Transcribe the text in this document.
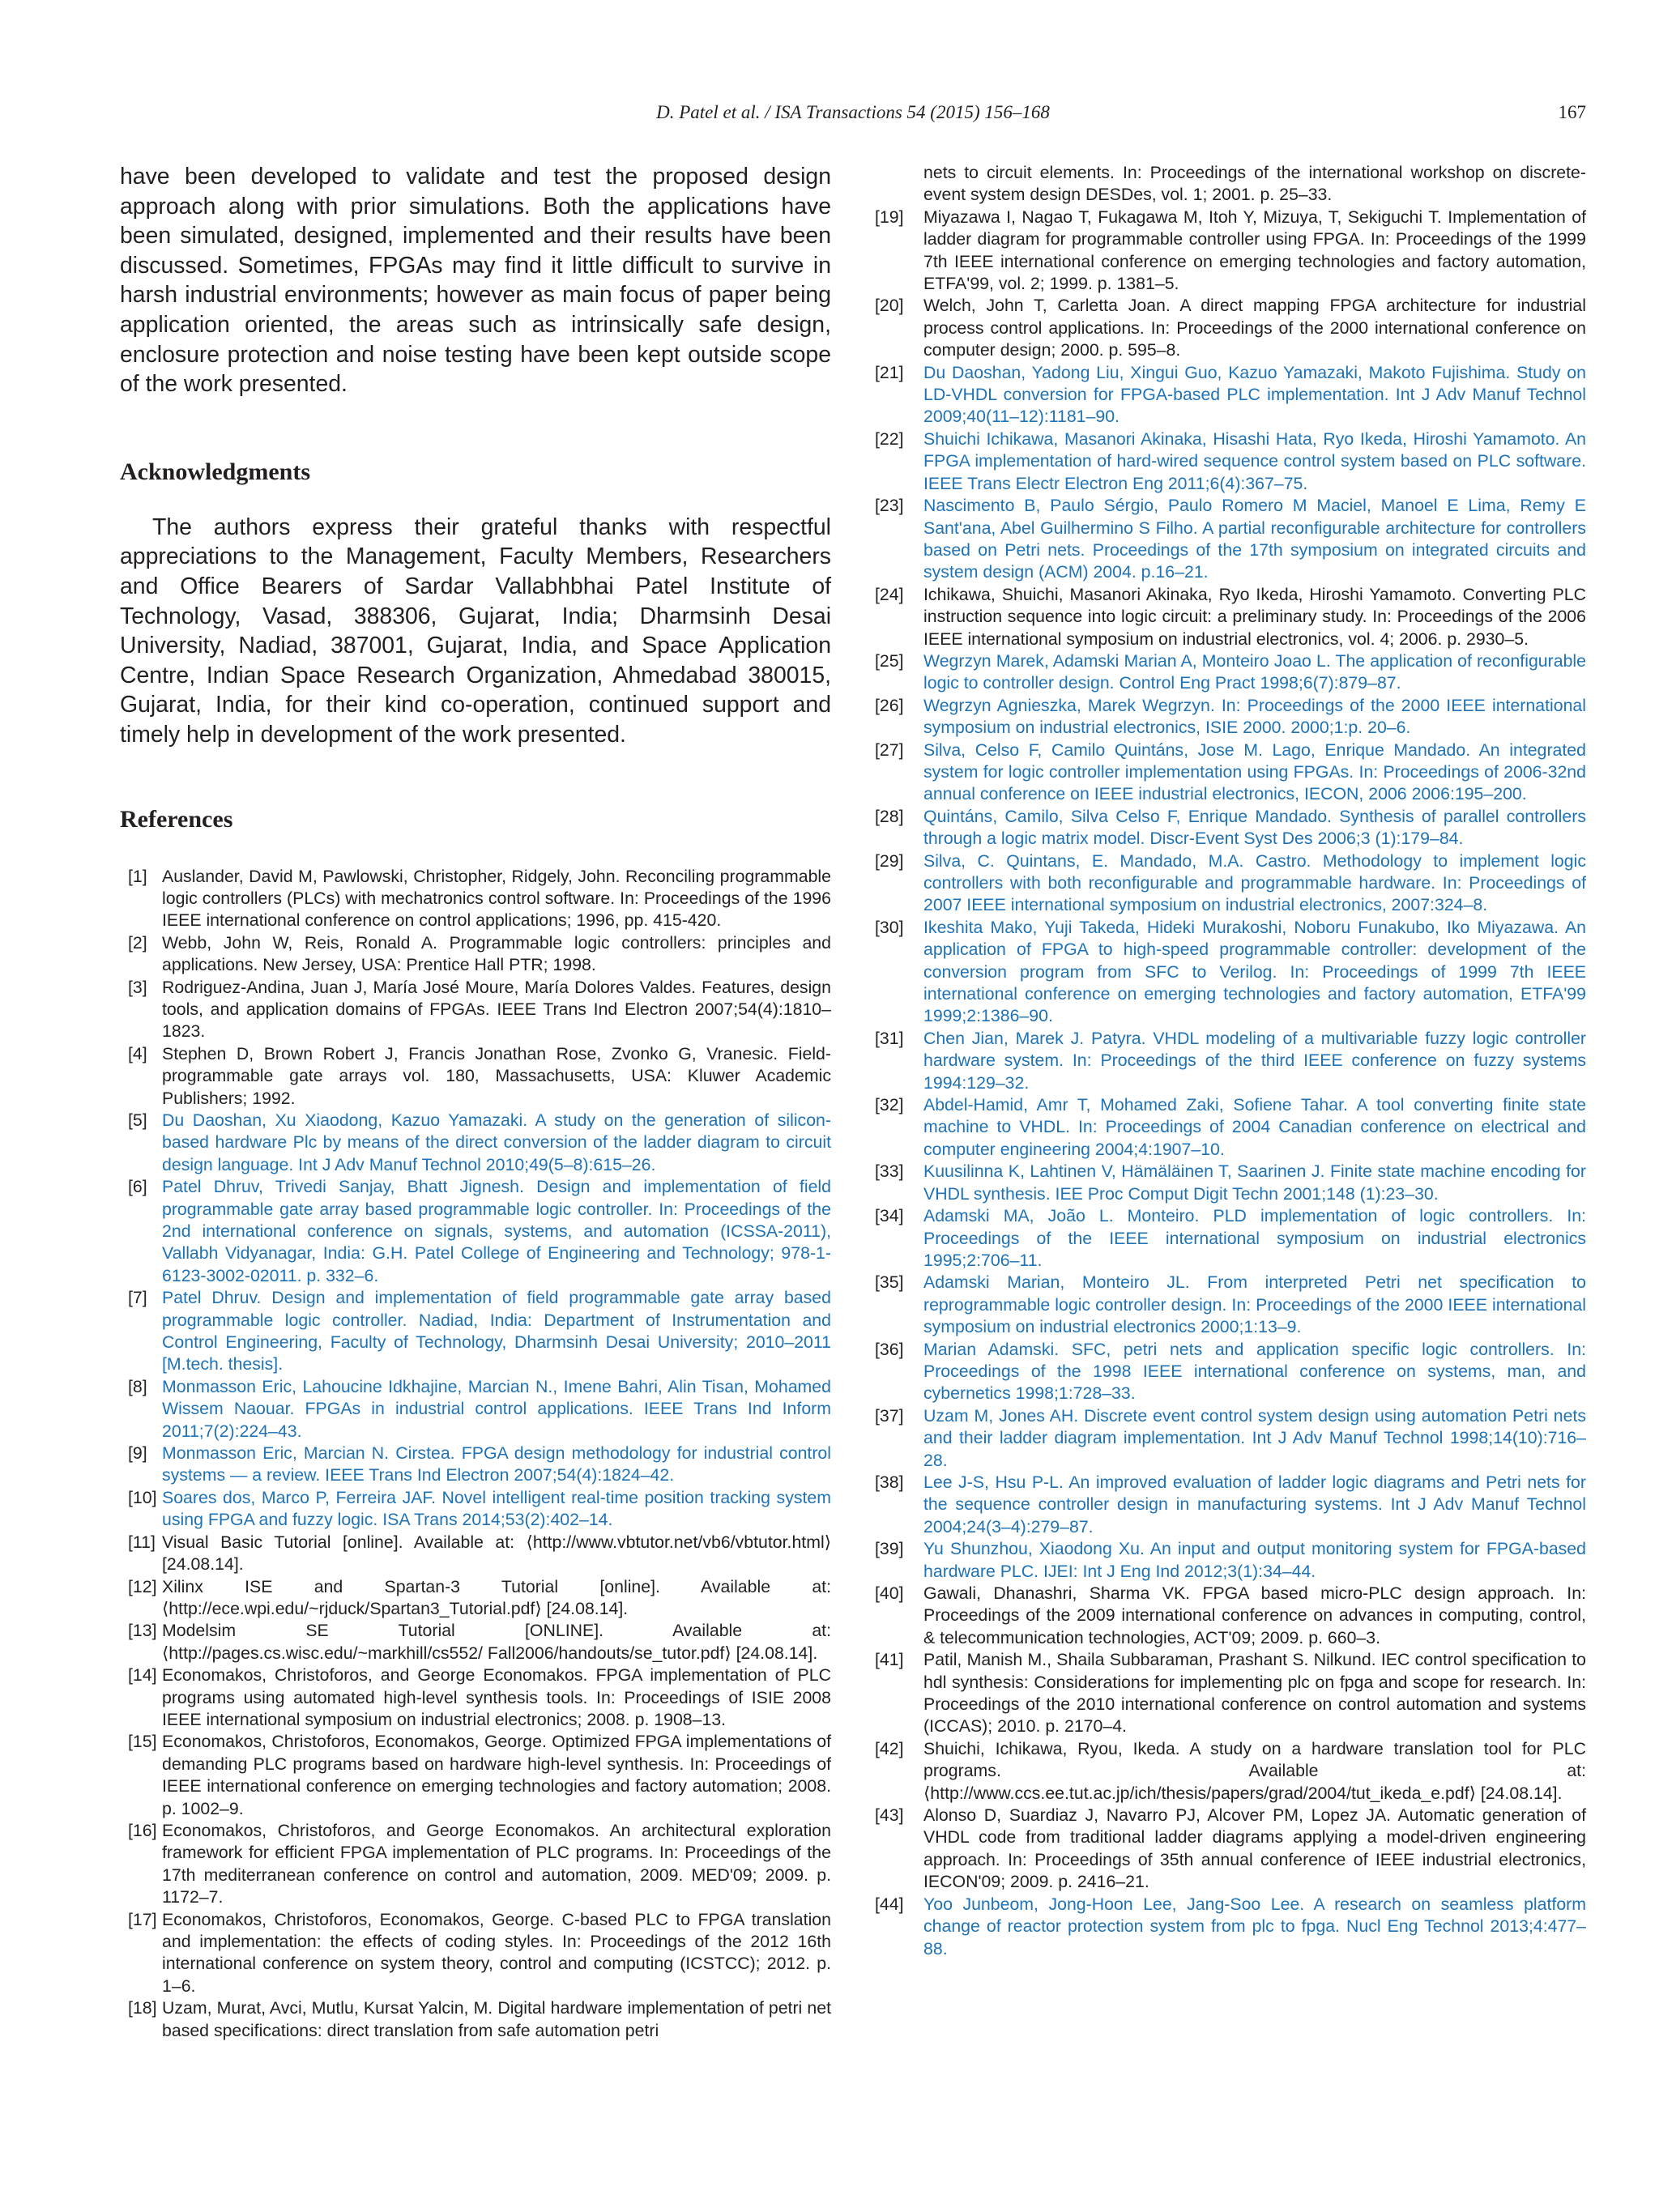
D. Patel et al. / ISA Transactions 54 (2015) 156–168	167

have been developed to validate and test the proposed design approach along with prior simulations. Both the applications have been simulated, designed, implemented and their results have been discussed. Sometimes, FPGAs may find it little difficult to survive in harsh industrial environments; however as main focus of paper being application oriented, the areas such as intrinsically safe design, enclosure protection and noise testing have been kept outside scope of the work presented.

Acknowledgments

The authors express their grateful thanks with respectful appreciations to the Management, Faculty Members, Researchers and Office Bearers of Sardar Vallabhbhai Patel Institute of Technology, Vasad, 388306, Gujarat, India; Dharmsinh Desai University, Nadiad, 387001, Gujarat, India, and Space Application Centre, Indian Space Research Organization, Ahmedabad 380015, Gujarat, India, for their kind co-operation, continued support and timely help in development of the work presented.

References
[1] Auslander, David M, Pawlowski, Christopher, Ridgely, John. Reconciling programmable logic controllers (PLCs) with mechatronics control software. In: Proceedings of the 1996 IEEE international conference on control applications; 1996, pp. 415-420.
[2] Webb, John W, Reis, Ronald A. Programmable logic controllers: principles and applications. New Jersey, USA: Prentice Hall PTR; 1998.
[3] Rodriguez-Andina, Juan J, María José Moure, María Dolores Valdes. Features, design tools, and application domains of FPGAs. IEEE Trans Ind Electron 2007;54(4):1810–1823.
[4] Stephen D, Brown Robert J, Francis Jonathan Rose, Zvonko G, Vranesic. Field-programmable gate arrays vol. 180, Massachusetts, USA: Kluwer Academic Publishers; 1992.
[5] Du Daoshan, Xu Xiaodong, Kazuo Yamazaki. A study on the generation of silicon-based hardware Plc by means of the direct conversion of the ladder diagram to circuit design language. Int J Adv Manuf Technol 2010;49(5–8):615–26.
[6] Patel Dhruv, Trivedi Sanjay, Bhatt Jignesh. Design and implementation of field programmable gate array based programmable logic controller. In: Proceedings of the 2nd international conference on signals, systems, and automation (ICSSA-2011), Vallabh Vidyanagar, India: G.H. Patel College of Engineering and Technology; 978-1-6123-3002-02011. p. 332–6.
[7] Patel Dhruv. Design and implementation of field programmable gate array based programmable logic controller. Nadiad, India: Department of Instrumentation and Control Engineering, Faculty of Technology, Dharmsinh Desai University; 2010–2011 [M.tech. thesis].
[8] Monmasson Eric, Lahoucine Idkhajine, Marcian N., Imene Bahri, Alin Tisan, Mohamed Wissem Naouar. FPGAs in industrial control applications. IEEE Trans Ind Inform 2011;7(2):224–43.
[9] Monmasson Eric, Marcian N. Cirstea. FPGA design methodology for industrial control systems — a review. IEEE Trans Ind Electron 2007;54(4):1824–42.
[10] Soares dos, Marco P, Ferreira JAF. Novel intelligent real-time position tracking system using FPGA and fuzzy logic. ISA Trans 2014;53(2):402–14.
[11] Visual Basic Tutorial [online]. Available at: ⟨http://www.vbtutor.net/vb6/vbtutor.html⟩ [24.08.14].
[12] Xilinx ISE and Spartan-3 Tutorial [online]. Available at: ⟨http://ece.wpi.edu/~rjduck/Spartan3_Tutorial.pdf⟩ [24.08.14].
[13] Modelsim SE Tutorial [ONLINE]. Available at: ⟨http://pages.cs.wisc.edu/~markhill/cs552/ Fall2006/handouts/se_tutor.pdf⟩ [24.08.14].
[14] Economakos, Christoforos, and George Economakos. FPGA implementation of PLC programs using automated high-level synthesis tools. In: Proceedings of ISIE 2008 IEEE international symposium on industrial electronics; 2008. p. 1908–13.
[15] Economakos, Christoforos, Economakos, George. Optimized FPGA implementations of demanding PLC programs based on hardware high-level synthesis. In: Proceedings of IEEE international conference on emerging technologies and factory automation; 2008. p. 1002–9.
[16] Economakos, Christoforos, and George Economakos. An architectural exploration framework for efficient FPGA implementation of PLC programs. In: Proceedings of the 17th mediterranean conference on control and automation, 2009. MED'09; 2009. p. 1172–7.
[17] Economakos, Christoforos, Economakos, George. C-based PLC to FPGA translation and implementation: the effects of coding styles. In: Proceedings of the 2012 16th international conference on system theory, control and computing (ICSTCC); 2012. p. 1–6.
[18] Uzam, Murat, Avci, Mutlu, Kursat Yalcin, M. Digital hardware implementation of petri net based specifications: direct translation from safe automation petri
nets to circuit elements. In: Proceedings of the international workshop on discrete-event system design DESDes, vol. 1; 2001. p. 25–33.
[19] Miyazawa I, Nagao T, Fukagawa M, Itoh Y, Mizuya, T, Sekiguchi T. Implementation of ladder diagram for programmable controller using FPGA. In: Proceedings of the 1999 7th IEEE international conference on emerging technologies and factory automation, ETFA'99, vol. 2; 1999. p. 1381–5.
[20] Welch, John T, Carletta Joan. A direct mapping FPGA architecture for industrial process control applications. In: Proceedings of the 2000 international conference on computer design; 2000. p. 595–8.
[21] Du Daoshan, Yadong Liu, Xingui Guo, Kazuo Yamazaki, Makoto Fujishima. Study on LD-VHDL conversion for FPGA-based PLC implementation. Int J Adv Manuf Technol 2009;40(11–12):1181–90.
[22] Shuichi Ichikawa, Masanori Akinaka, Hisashi Hata, Ryo Ikeda, Hiroshi Yamamoto. An FPGA implementation of hard-wired sequence control system based on PLC software. IEEE Trans Electr Electron Eng 2011;6(4):367–75.
[23] Nascimento B, Paulo Sérgio, Paulo Romero M Maciel, Manoel E Lima, Remy E Sant'ana, Abel Guilhermino S Filho. A partial reconfigurable architecture for controllers based on Petri nets. Proceedings of the 17th symposium on integrated circuits and system design (ACM) 2004. p.16–21.
[24] Ichikawa, Shuichi, Masanori Akinaka, Ryo Ikeda, Hiroshi Yamamoto. Converting PLC instruction sequence into logic circuit: a preliminary study. In: Proceedings of the 2006 IEEE international symposium on industrial electronics, vol. 4; 2006. p. 2930–5.
[25] Wegrzyn Marek, Adamski Marian A, Monteiro Joao L. The application of reconfigurable logic to controller design. Control Eng Pract 1998;6(7):879–87.
[26] Wegrzyn Agnieszka, Marek Wegrzyn. In: Proceedings of the 2000 IEEE international symposium on industrial electronics, ISIE 2000. 2000;1:p. 20–6.
[27] Silva, Celso F, Camilo Quintáns, Jose M. Lago, Enrique Mandado. An integrated system for logic controller implementation using FPGAs. In: Proceedings of 2006-32nd annual conference on IEEE industrial electronics, IECON, 2006 2006:195–200.
[28] Quintáns, Camilo, Silva Celso F, Enrique Mandado. Synthesis of parallel controllers through a logic matrix model. Discr-Event Syst Des 2006;3 (1):179–84.
[29] Silva, C. Quintans, E. Mandado, M.A. Castro. Methodology to implement logic controllers with both reconfigurable and programmable hardware. In: Proceedings of 2007 IEEE international symposium on industrial electronics, 2007:324–8.
[30] Ikeshita Mako, Yuji Takeda, Hideki Murakoshi, Noboru Funakubo, Iko Miyazawa. An application of FPGA to high-speed programmable controller: development of the conversion program from SFC to Verilog. In: Proceedings of 1999 7th IEEE international conference on emerging technologies and factory automation, ETFA'99 1999;2:1386–90.
[31] Chen Jian, Marek J. Patyra. VHDL modeling of a multivariable fuzzy logic controller hardware system. In: Proceedings of the third IEEE conference on fuzzy systems 1994:129–32.
[32] Abdel-Hamid, Amr T, Mohamed Zaki, Sofiene Tahar. A tool converting finite state machine to VHDL. In: Proceedings of 2004 Canadian conference on electrical and computer engineering 2004;4:1907–10.
[33] Kuusilinna K, Lahtinen V, Hämäläinen T, Saarinen J. Finite state machine encoding for VHDL synthesis. IEE Proc Comput Digit Techn 2001;148 (1):23–30.
[34] Adamski MA, João L. Monteiro. PLD implementation of logic controllers. In: Proceedings of the IEEE international symposium on industrial electronics 1995;2:706–11.
[35] Adamski Marian, Monteiro JL. From interpreted Petri net specification to reprogrammable logic controller design. In: Proceedings of the 2000 IEEE international symposium on industrial electronics 2000;1:13–9.
[36] Marian Adamski. SFC, petri nets and application specific logic controllers. In: Proceedings of the 1998 IEEE international conference on systems, man, and cybernetics 1998;1:728–33.
[37] Uzam M, Jones AH. Discrete event control system design using automation Petri nets and their ladder diagram implementation. Int J Adv Manuf Technol 1998;14(10):716–28.
[38] Lee J-S, Hsu P-L. An improved evaluation of ladder logic diagrams and Petri nets for the sequence controller design in manufacturing systems. Int J Adv Manuf Technol 2004;24(3–4):279–87.
[39] Yu Shunzhou, Xiaodong Xu. An input and output monitoring system for FPGA-based hardware PLC. IJEI: Int J Eng Ind 2012;3(1):34–44.
[40] Gawali, Dhanashri, Sharma VK. FPGA based micro-PLC design approach. In: Proceedings of the 2009 international conference on advances in computing, control, & telecommunication technologies, ACT'09; 2009. p. 660–3.
[41] Patil, Manish M., Shaila Subbaraman, Prashant S. Nilkund. IEC control specification to hdl synthesis: Considerations for implementing plc on fpga and scope for research. In: Proceedings of the 2010 international conference on control automation and systems (ICCAS); 2010. p. 2170–4.
[42] Shuichi, Ichikawa, Ryou, Ikeda. A study on a hardware translation tool for PLC programs. Available at: ⟨http://www.ccs.ee.tut.ac.jp/ich/thesis/papers/grad/2004/tut_ikeda_e.pdf⟩ [24.08.14].
[43] Alonso D, Suardiaz J, Navarro PJ, Alcover PM, Lopez JA. Automatic generation of VHDL code from traditional ladder diagrams applying a model-driven engineering approach. In: Proceedings of 35th annual conference of IEEE industrial electronics, IECON'09; 2009. p. 2416–21.
[44] Yoo Junbeom, Jong-Hoon Lee, Jang-Soo Lee. A research on seamless platform change of reactor protection system from plc to fpga. Nucl Eng Technol 2013;4:477–88.
